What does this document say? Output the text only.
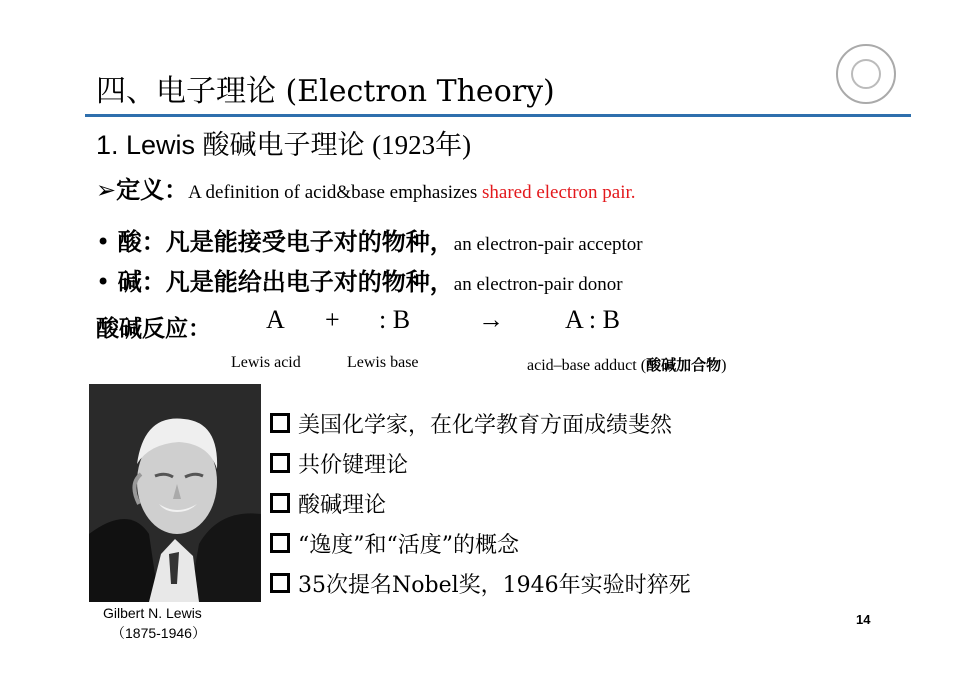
四、电子理论 (Electron Theory)
1. Lewis 酸碱电子理论 (1923年)
➢定义：A definition of acid&base emphasizes shared electron pair.
• 酸：凡是能接受电子对的物种，an electron-pair acceptor
• 碱：凡是能给出电子对的物种，an electron-pair donor
酸碱反应： A + : B	→ A : B
Lewis acid	Lewis base	acid–base adduct (酸碱加合物)
Gilbert N. Lewis
（1875-1946）
美国化学家，在化学教育方面成绩斐然
共价键理论
酸碱理论
“逸度”和“活度”的概念
35次提名Nobel奖，1946年实验时猝死
14
